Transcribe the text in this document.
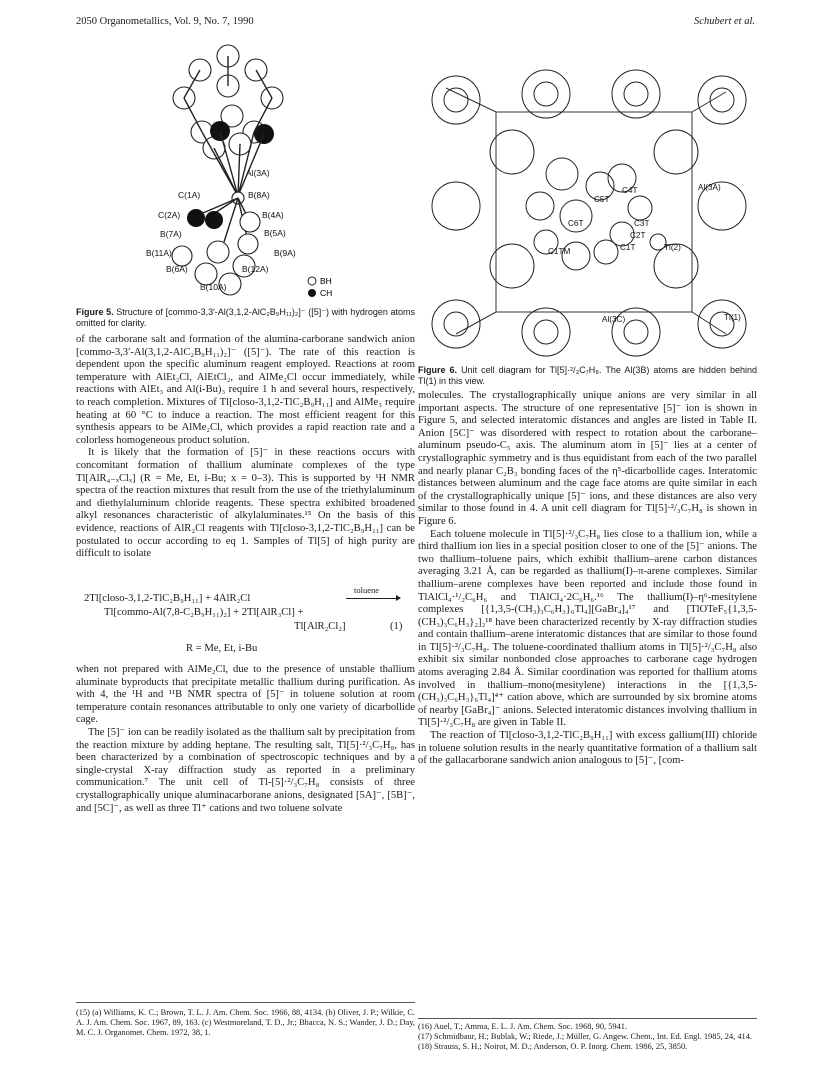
2050 Organometallics, Vol. 9, No. 7, 1990	Schubert et al.
Al(3A)
C(1A)	B(8A)
C(2A)	B(4A)
B(7A)	B(5A)
B(11A)	B(9A)
B(6A)	B(12A)
B(10A)
BH
CH
Figure 5. Structure of [commo-3,3′-Al(3,1,2-AlC₂B₉H₁₁)₂]⁻ ([5]⁻) with hydrogen atoms omitted for clarity.
C5T
C4T	Al(3A)
C6T	C3T
C2T
C1T
C1TM	Tl(2)
Al(3C)	Tl(1)
Figure 6. Unit cell diagram for Tl[5]·²/₃C₇H₈. The Al(3B) atoms are hidden behind Tl(1) in this view.

of the carborane salt and formation of the alumina-carborane sandwich anion [commo-3,3′-Al(3,1,2-AlC₂B₉H₁₁)₂]⁻ ([5]⁻). The rate of this reaction is dependent upon the specific aluminum reagent employed. Reactions at room temperature with AlEt₂Cl, AlEtCl₂, and AlMe₂Cl occur immediately, while reactions with AlEt₃ and Al(i-Bu)₃ require 1 h and several hours, respectively, to reach completion. Mixtures of Tl[closo-3,1,2-TlC₂B₉H₁₁] and AlMe₃ require heating at 60 °C to induce a reaction. The most efficient reagent for this synthesis appears to be AlMe₂Cl, which provides a rapid reaction rate and a colorless homogeneous product solution.

It is likely that the formation of [5]⁻ in these reactions occurs with concomitant formation of thallium aluminate complexes of the type Tl[AlR₄₋ₓClₓ] (R = Me, Et, i-Bu; x = 0–3). This is supported by ¹H NMR spectra of the reaction mixtures that result from the use of the triethylaluminum and diethylaluminum chloride reagents. These spectra exhibited broadened alkyl resonances characteristic of alkylaluminates.¹⁵ On the basis of this evidence, reactions of AlR₂Cl reagents with Tl[closo-3,1,2-TlC₂B₉H₁₁] can be postulated to occur according to eq 1. Samples of Tl[5] of high purity are difficult to isolate

2Tl[closo-3,1,2-TlC₂B₉H₁₁] + 4AlR₂Cl
toluene
Tl[commo-Al(7,8-C₂B₉H₁₁)₂] + 2Tl[AlR₃Cl] +
Tl[AlR₂Cl₂]	(1)
R = Me, Et, i-Bu

when not prepared with AlMe₂Cl, due to the presence of unstable thallium aluminate byproducts that precipitate metallic thallium during purification. As with 4, the ¹H and ¹¹B NMR spectra of [5]⁻ in toluene solution at room temperature contain resonances attributable to only one variety of dicarbollide cage.

The [5]⁻ ion can be readily isolated as the thallium salt by precipitation from the reaction mixture by adding heptane. The resulting salt, Tl[5]·²/₃C₇H₈, has been characterized by a combination of spectroscopic techniques and by a single-crystal X-ray diffraction study as reported in a preliminary communication.⁷ The unit cell of Tl-[5]·²/₃C₇H₈ consists of three crystallographically unique aluminacarborane anions, designated [5A]⁻, [5B]⁻, and [5C]⁻, as well as three Tl⁺ cations and two toluene solvate

molecules. The crystallographically unique anions are very similar in all important aspects. The structure of one representative [5]⁻ ion is shown in Figure 5, and selected interatomic distances and angles are listed in Table II. Anion [5C]⁻ was disordered with respect to rotation about the carborane–aluminum pseudo-C₅ axis. The aluminum atom in [5]⁻ lies at a center of crystallographic symmetry and is thus equidistant from each of the two parallel and nearly planar C₂B₃ bonding faces of the η⁵-dicarbollide cages. Interatomic distances between aluminum and the cage face atoms are quite similar in each of the crystallographically unique [5]⁻ ions, and these distances are also very similar to those found in 4. A unit cell diagram for Tl[5]·²/₃C₇H₈ is shown in Figure 6.

Each toluene molecule in Tl[5]·²/₃C₇H₈ lies close to a thallium ion, while a third thallium ion lies in a special position closer to one of the [5]⁻ anions. The two thallium–toluene pairs, which exhibit thallium–arene carbon distances averaging 3.21 Å, can be regarded as thallium(I)–π-arene complexes. Similar thallium–arene complexes have been reported and include those found in TlAlCl₄·¹/₂C₆H₆ and TlAlCl₄·2C₆H₆.¹⁶ The thallium(I)–η⁶-mesitylene complexes [{1,3,5-(CH₃)₃C₆H₃}₆Tl₄][GaBr₄]₄¹⁷ and [TlOTeF₅{1,3,5-(CH₃)₃C₆H₃}₂]₂¹⁸ have been characterized recently by X-ray diffraction studies and contain thallium–arene interatomic distances that are similar to those found in Tl[5]·²/₃C₇H₈. The toluene-coordinated thallium atoms in Tl[5]·²/₃C₇H₈ also exhibit six similar nonbonded close approaches to carborane cage hydrogen atoms averaging 2.84 Å. Similar coordination was reported for thallium atoms involved in thallium–mono(mesitylene) interactions in the [{1,3,5-(CH₃)₃C₆H₃}₆Tl₄]⁴⁺ cation above, which are surrounded by six bromine atoms of nearby [GaBr₄]⁻ anions. Selected interatomic distances involving thallium in Tl[5]·²/₃C₇H₈ are given in Table II.

The reaction of Tl[closo-3,1,2-TlC₂B₉H₁₁] with excess gallium(III) chloride in toluene solution results in the nearly quantitative formation of a thallium salt of the gallacarborane sandwich anion analogous to [5]⁻, [com-

(15) (a) Williams, K. C.; Brown, T. L. J. Am. Chem. Soc. 1966, 88, 4134. (b) Oliver, J. P.; Wilkie, C. A. J. Am. Chem. Soc. 1967, 89, 163. (c) Westmoreland, T. D., Jr.; Bhacca, N. S.; Wander, J. D.; Day, M. C. J. Organomet. Chem. 1972, 38, 1.
(16) Auel, T.; Amma, E. L. J. Am. Chem. Soc. 1968, 90, 5941.
(17) Schmidbaur, H.; Bublak, W.; Riede, J.; Müller, G. Angew. Chem., Int. Ed. Engl. 1985, 24, 414.
(18) Strauss, S. H.; Noirot, M. D.; Anderson, O. P. Inorg. Chem. 1986, 25, 3850.
